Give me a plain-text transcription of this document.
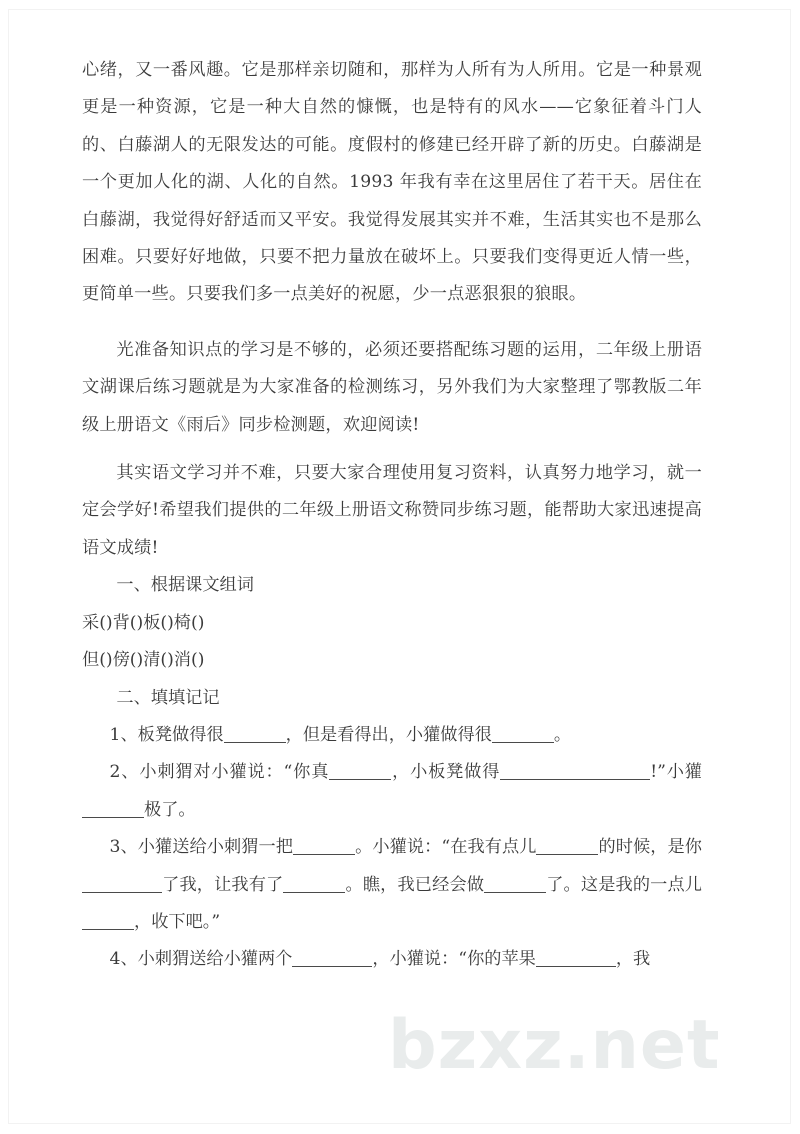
bzxz.net

心绪，又一番风趣。它是那样亲切随和，那样为人所有为人所用。它是一种景观更是一种资源，它是一种大自然的慷慨，也是特有的风水——它象征着斗门人的、白藤湖人的无限发达的可能。度假村的修建已经开辟了新的历史。白藤湖是一个更加人化的湖、人化的自然。1993 年我有幸在这里居住了若干天。居住在白藤湖，我觉得好舒适而又平安。我觉得发展其实并不难，生活其实也不是那么困难。只要好好地做，只要不把力量放在破坏上。只要我们变得更近人情一些，更简单一些。只要我们多一点美好的祝愿，少一点恶狠狠的狼眼。

光准备知识点的学习是不够的，必须还要搭配练习题的运用，二年级上册语文湖课后练习题就是为大家准备的检测练习，另外我们为大家整理了鄂教版二年级上册语文《雨后》同步检测题，欢迎阅读!

其实语文学习并不难，只要大家合理使用复习资料，认真努力地学习，就一定会学好!希望我们提供的二年级上册语文称赞同步练习题，能帮助大家迅速提高语文成绩!

一、根据课文组词

采()背()板()椅()

但()傍()清()消()

二、填填记记

1、板凳做得很	，但是看得出，小獾做得很	。

2、小刺猬对小獾说：“你真	，小板凳做得	!”小獾极了。

3、小獾送给小刺猬一把	。小獾说：“在我有点儿	的时候，是你了我，让我有了	。瞧，我已经会做	了。这是我的一点儿，收下吧。”

4、小刺猬送给小獾两个	，小獾说：“你的苹果	，我
